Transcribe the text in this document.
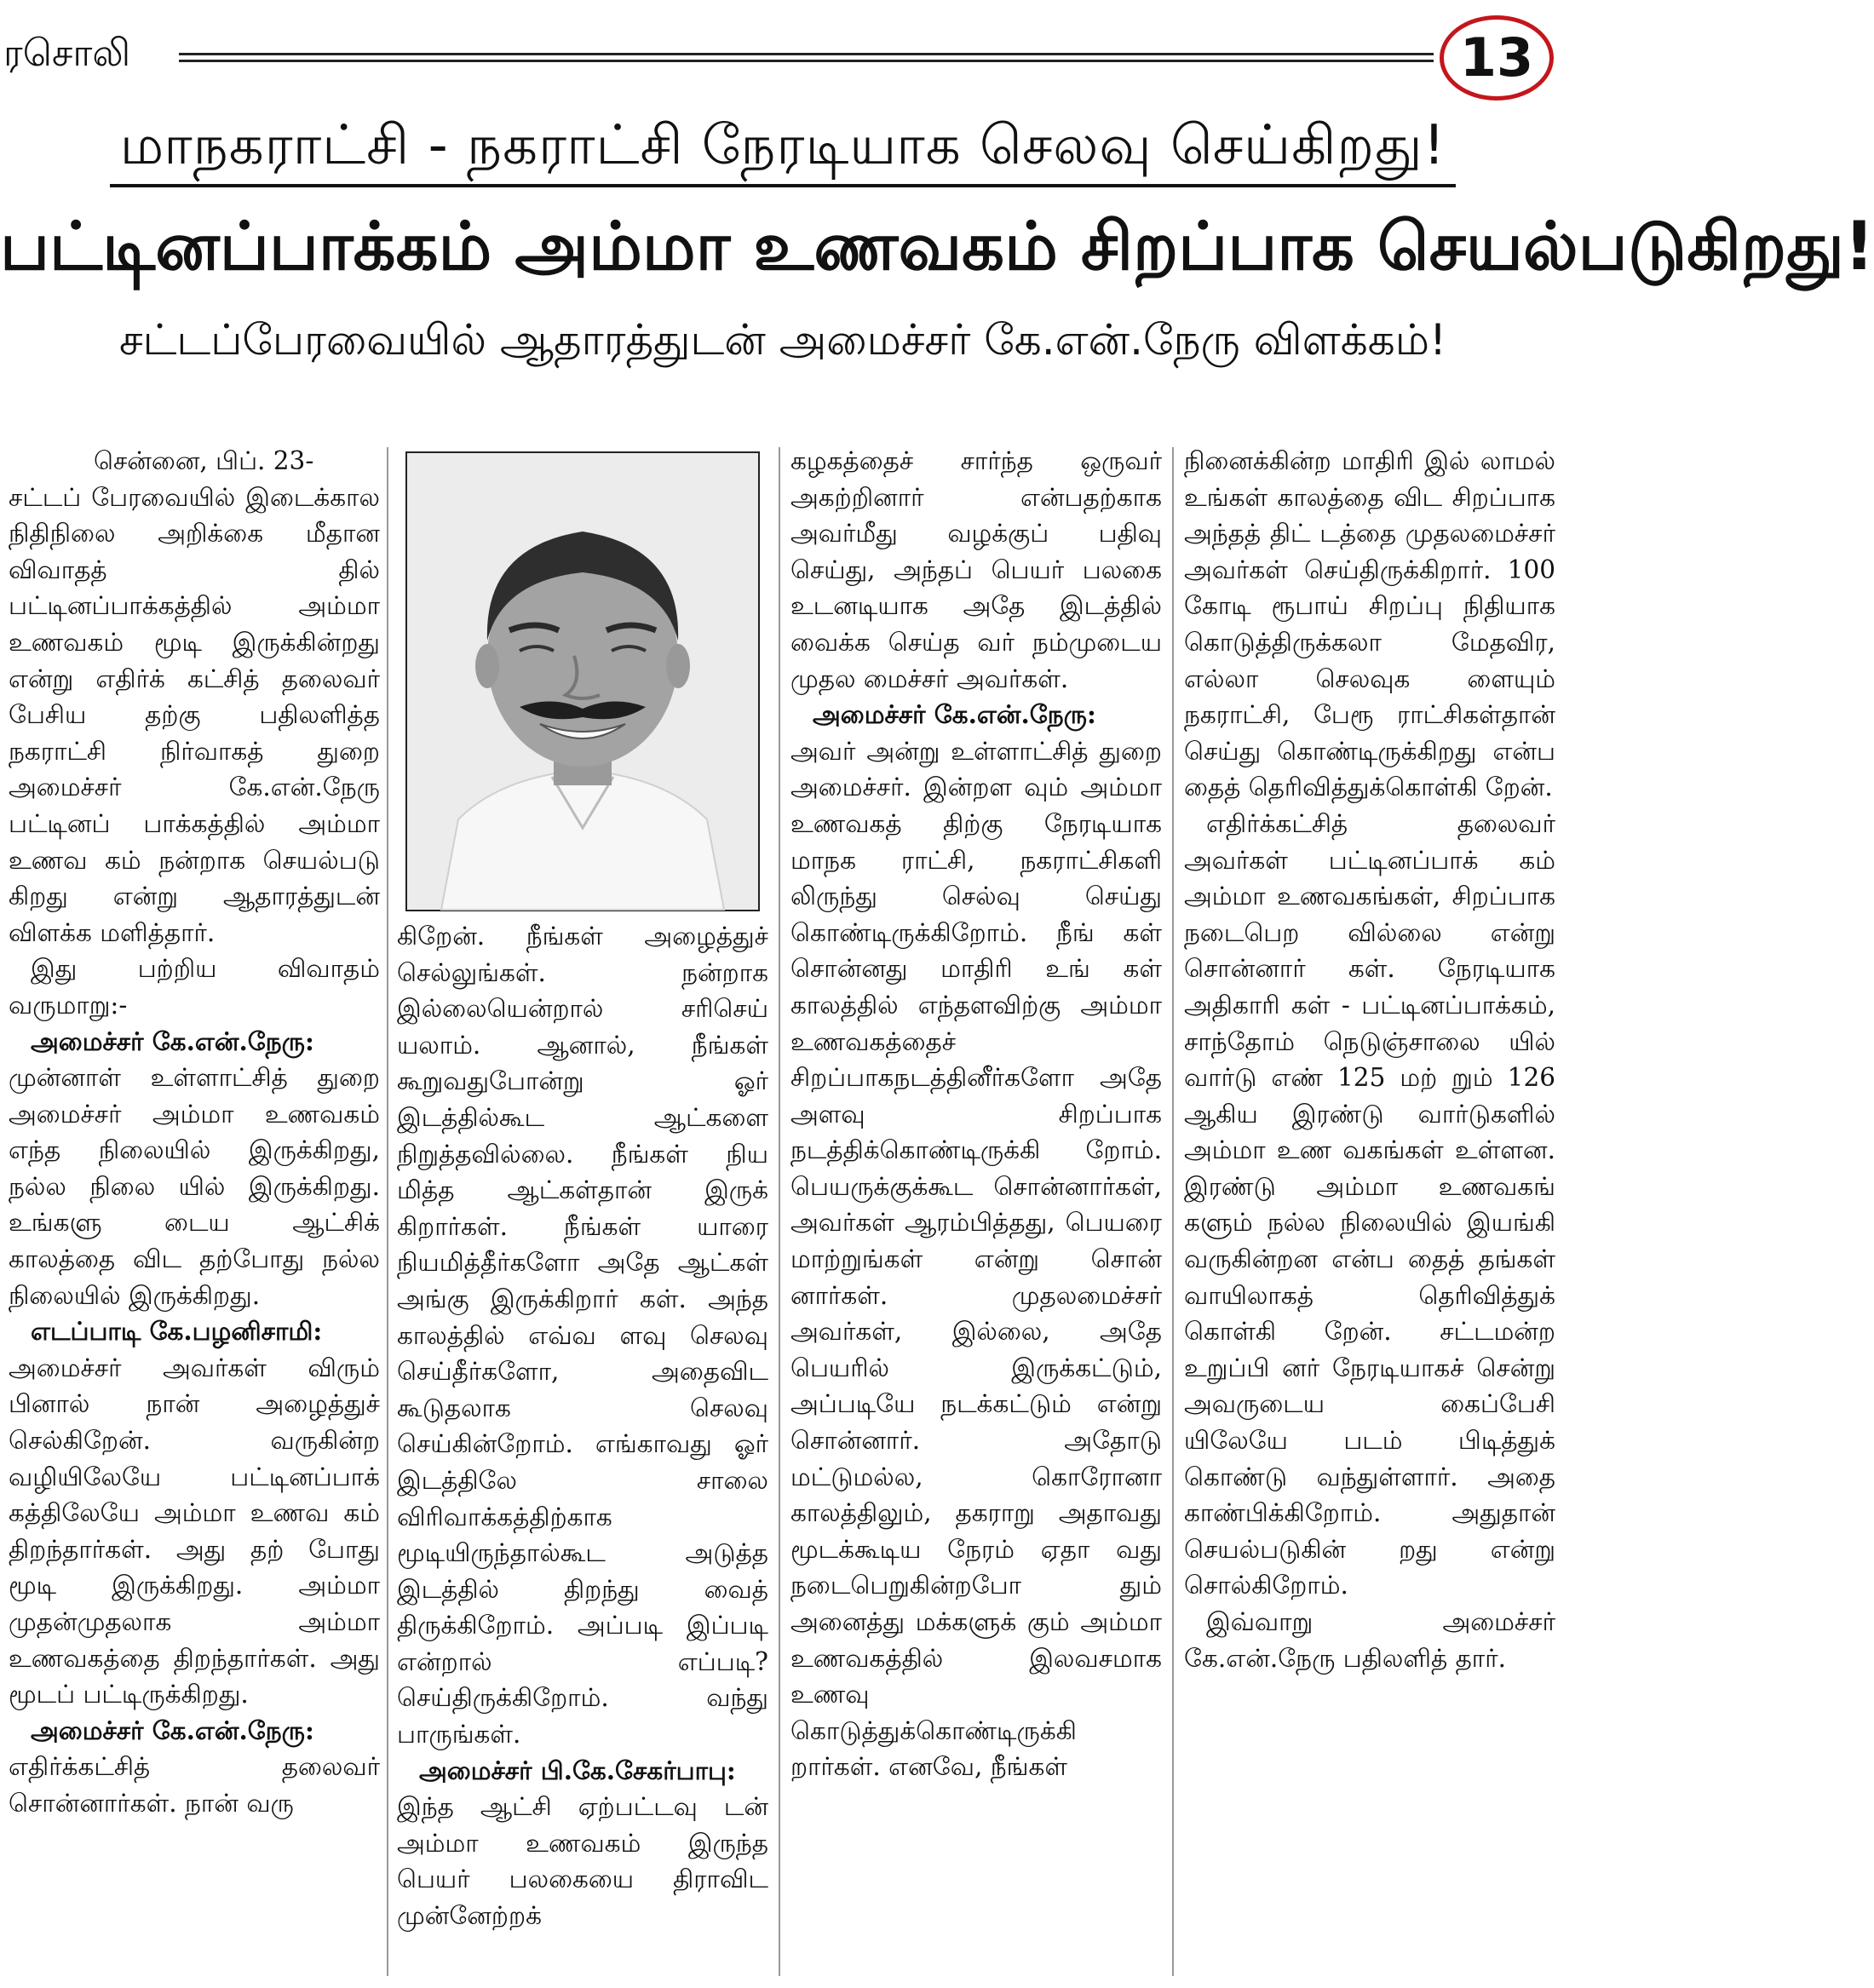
ரசொலி	13
மாநகராட்சி - நகராட்சி நேரடியாக செலவு செய்கிறது!
பட்டினப்பாக்கம் அம்மா உணவகம் சிறப்பாக செயல்படுகிறது!
சட்டப்பேரவையில் ஆதாரத்துடன் அமைச்சர் கே.என்.நேரு விளக்கம்!

சென்னை, பிப். 23-

சட்டப் பேரவையில் இடைக்கால நிதிநிலை அறிக்கை மீதான விவாதத் தில் பட்டினப்பாக்கத்தில் அம்மா உணவகம் மூடி இருக்கின்றது என்று எதிர்க் கட்சித் தலைவர் பேசிய தற்கு பதிலளித்த நகராட்சி நிர்வாகத் துறை அமைச்சர் கே.என்.நேரு பட்டினப் பாக்கத்தில் அம்மா உணவ கம் நன்றாக செயல்படு கிறது என்று ஆதாரத்துடன் விளக்க மளித்தார்.

இது பற்றிய விவாதம் வருமாறு:-

அமைச்சர் கே.என்.நேரு:

முன்னாள் உள்ளாட்சித் துறை அமைச்சர் அம்மா உணவகம் எந்த நிலையில் இருக்கிறது, நல்ல நிலை யில் இருக்கிறது. உங்களு டைய ஆட்சிக் காலத்தை விட தற்போது நல்ல நிலையில் இருக்கிறது.

எடப்பாடி கே.பழனிசாமி:

அமைச்சர் அவர்கள் விரும் பினால் நான் அழைத்துச் செல்கிறேன். வருகின்ற வழியிலேயே பட்டினப்பாக் கத்திலேயே அம்மா உணவ கம் திறந்தார்கள். அது தற் போது மூடி இருக்கிறது. அம்மா முதன்முதலாக அம்மா உணவகத்தை திறந்தார்கள். அது மூடப் பட்டிருக்கிறது.

அமைச்சர் கே.என்.நேரு:

எதிர்க்கட்சித் தலைவர் சொன்னார்கள். நான் வரு

கிறேன். நீங்கள் அழைத்துச் செல்லுங்கள். நன்றாக இல்லையென்றால் சரிசெய் யலாம். ஆனால், நீங்கள் கூறுவதுபோன்று ஓர் இடத்தில்கூட ஆட்களை நிறுத்தவில்லை. நீங்கள் நிய மித்த ஆட்கள்தான் இருக் கிறார்கள். நீங்கள் யாரை நியமித்தீர்களோ அதே ஆட்கள் அங்கு இருக்கிறார் கள். அந்த காலத்தில் எவ்வ ளவு செலவு செய்தீர்களோ, அதைவிட கூடுதலாக செலவு செய்கின்றோம். எங்காவது ஓர் இடத்திலே சாலை விரிவாக்கத்திற்காக மூடியிருந்தால்கூட அடுத்த இடத்தில் திறந்து வைத் திருக்கிறோம். அப்படி இப்படி என்றால் எப்படி? செய்திருக்கிறோம். வந்து பாருங்கள்.

அமைச்சர் பி.கே.சேகர்பாபு:

இந்த ஆட்சி ஏற்பட்டவு டன் அம்மா உணவகம் இருந்த பெயர் பலகையை திராவிட முன்னேற்றக்

கழகத்தைச் சார்ந்த ஒருவர் அகற்றினார் என்பதற்காக அவர்மீது வழக்குப் பதிவு செய்து, அந்தப் பெயர் பலகை உடனடியாக அதே இடத்தில் வைக்க செய்த வர் நம்முடைய முதல மைச்சர் அவர்கள்.

அமைச்சர் கே.என்.நேரு:

அவர் அன்று உள்ளாட்சித் துறை அமைச்சர். இன்றள வும் அம்மா உணவகத் திற்கு நேரடியாக மாநக ராட்சி, நகராட்சிகளி லிருந்து செல்வு செய்து கொண்டிருக்கிறோம். நீங் கள் சொன்னது மாதிரி உங் கள் காலத்தில் எந்தளவிற்கு அம்மா உணவகத்தைச் சிறப்பாகநடத்தினீர்களோ அதே அளவு சிறப்பாக நடத்திக்கொண்டிருக்கி றோம். பெயருக்குக்கூட சொன்னார்கள், அவர்கள் ஆரம்பித்தது, பெயரை மாற்றுங்கள் என்று சொன் னார்கள். முதலமைச்சர் அவர்கள், இல்லை, அதே பெயரில் இருக்கட்டும், அப்படியே நடக்கட்டும் என்று சொன்னார். அதோடு மட்டுமல்ல, கொரோனா காலத்திலும், தகராறு அதாவது மூடக்கூடிய நேரம் ஏதா வது நடைபெறுகின்றபோ தும் அனைத்து மக்களுக் கும் அம்மா உணவகத்தில் இலவசமாக உணவு கொடுத்துக்கொண்டிருக்கி றார்கள். எனவே, நீங்கள்

நினைக்கின்ற மாதிரி இல் லாமல் உங்கள் காலத்தை விட சிறப்பாக அந்தத் திட் டத்தை முதலமைச்சர் அவர்கள் செய்திருக்கிறார். 100 கோடி ரூபாய் சிறப்பு நிதியாக கொடுத்திருக்கலா மேதவிர, எல்லா செலவுக ளையும் நகராட்சி, பேரூ ராட்சிகள்தான் செய்து கொண்டிருக்கிறது என்ப தைத் தெரிவித்துக்கொள்கி றேன்.

எதிர்க்கட்சித் தலைவர் அவர்கள் பட்டினப்பாக் கம் அம்மா உணவகங்கள், சிறப்பாக நடைபெற வில்லை என்று சொன்னார் கள். நேரடியாக அதிகாரி கள் - பட்டினப்பாக்கம், சாந்தோம் நெடுஞ்சாலை யில் வார்டு எண் 125 மற் றும் 126 ஆகிய இரண்டு வார்டுகளில் அம்மா உண வகங்கள் உள்ளன. இரண்டு அம்மா உணவகங் களும் நல்ல நிலையில் இயங்கி வருகின்றன என்ப தைத் தங்கள் வாயிலாகத் தெரிவித்துக் கொள்கி றேன். சட்டமன்ற உறுப்பி னர் நேரடியாகச் சென்று அவருடைய கைப்பேசி யிலேயே படம் பிடித்துக் கொண்டு வந்துள்ளார். அதை காண்பிக்கிறோம். அதுதான் செயல்படுகின் றது என்று சொல்கிறோம்.

இவ்வாறு அமைச்சர் கே.என்.நேரு பதிலளித் தார்.
